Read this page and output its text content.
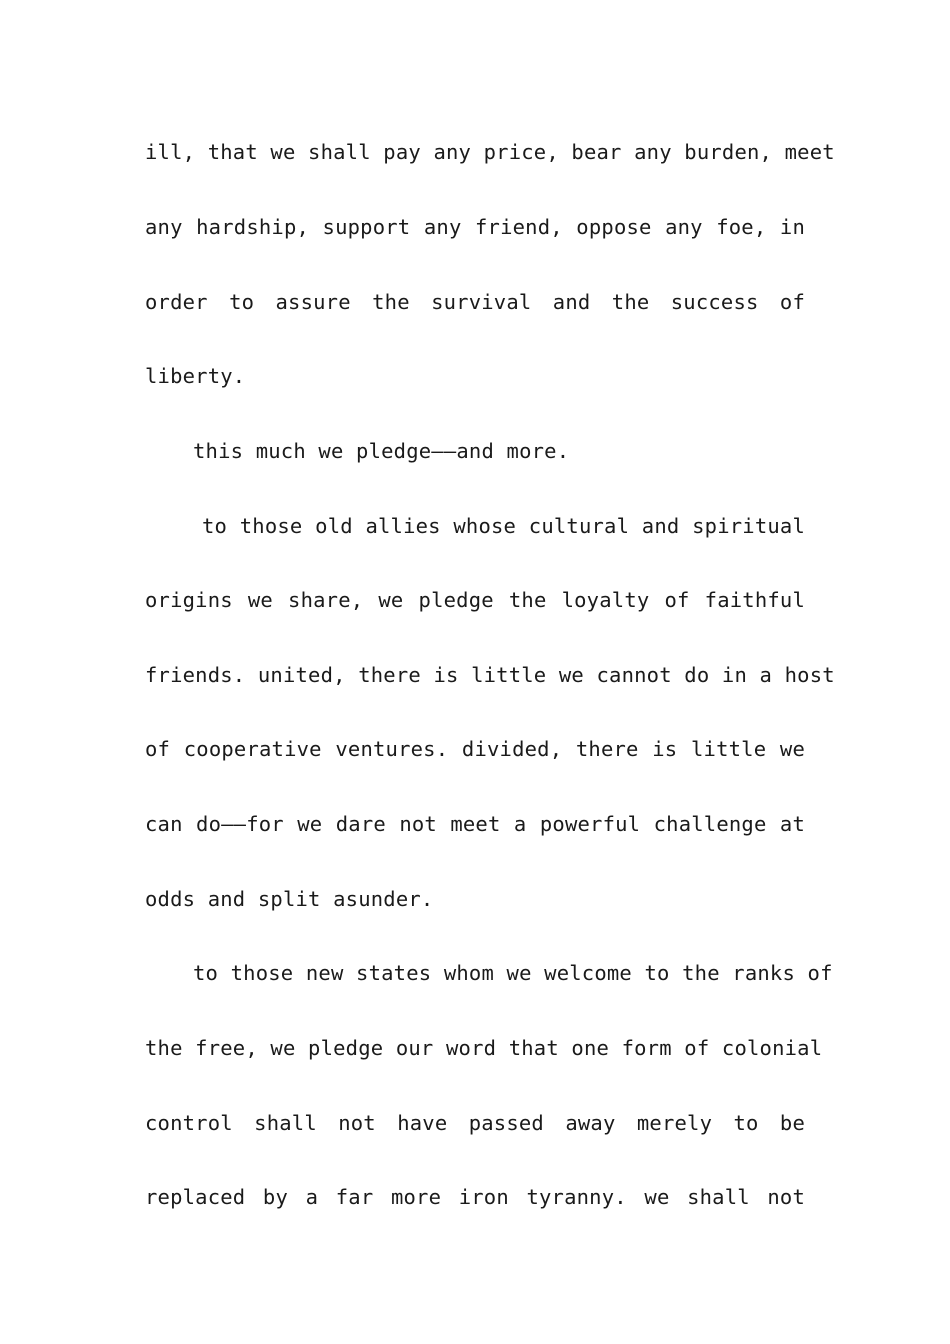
ill, that we shall pay any price, bear any burden, meet
any hardship, support any friend, oppose any foe, in
order to assure the survival and the success of
liberty.
this much we pledge——and more.
to those old allies whose cultural and spiritual
origins we share, we pledge the loyalty of faithful
friends. united, there is little we cannot do in a host
of cooperative ventures. divided, there is little we
can do——for we dare not meet a powerful challenge at
odds and split asunder.
to those new states whom we welcome to the ranks of
the free, we pledge our word that one form of colonial
control shall not have passed away merely to be
replaced by a far more iron tyranny. we shall not
